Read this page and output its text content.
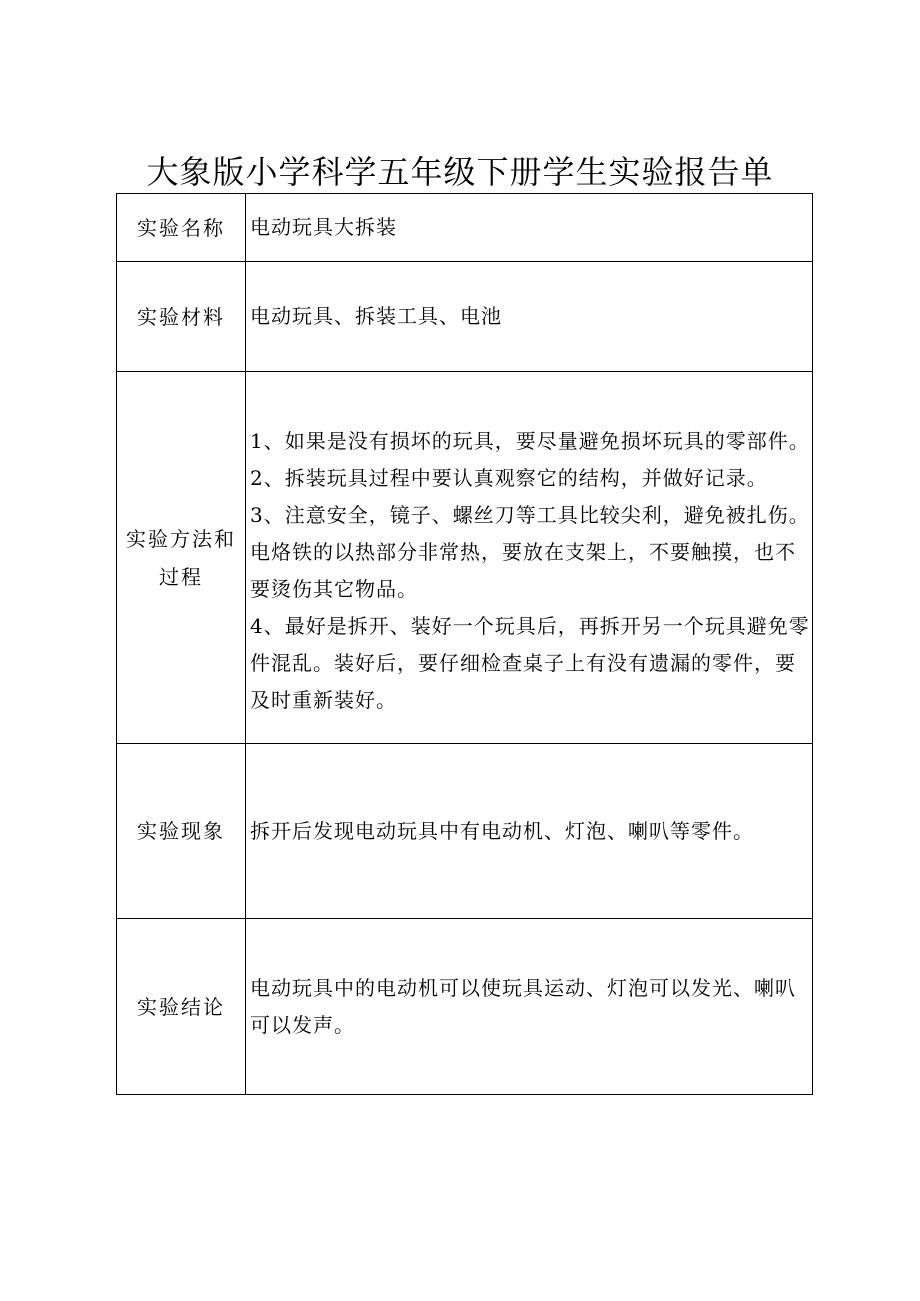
大象版小学科学五年级下册学生实验报告单
实验名称	电动玩具大拆装
实验材料	电动玩具、拆装工具、电池
实验方法和过程	1、如果是没有损坏的玩具，要尽量避免损坏玩具的零部件。
2、拆装玩具过程中要认真观察它的结构，并做好记录。
3、注意安全，镜子、螺丝刀等工具比较尖利，避免被扎伤。电烙铁的以热部分非常热，要放在支架上，不要触摸，也不要烫伤其它物品。
4、最好是拆开、装好一个玩具后，再拆开另一个玩具避免零件混乱。装好后，要仔细检查桌子上有没有遗漏的零件，要及时重新装好。

实验现象	拆开后发现电动玩具中有电动机、灯泡、喇叭等零件。
实验结论	电动玩具中的电动机可以使玩具运动、灯泡可以发光、喇叭可以发声。
